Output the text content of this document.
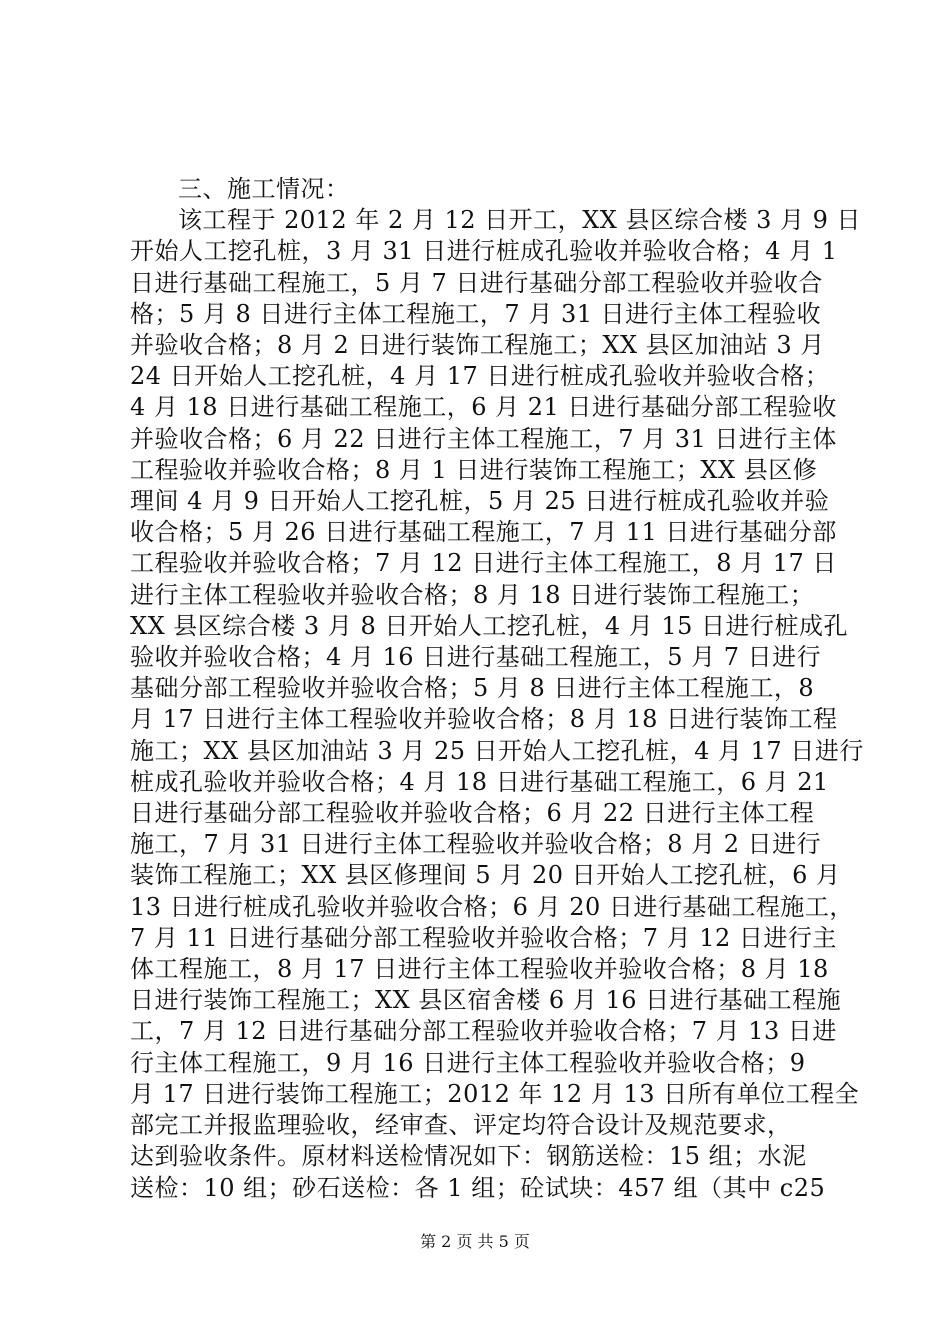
三、施工情况：

该工程于 2012 年 2 月 12 日开工，XX 县区综合楼 3 月 9 日

开始人工挖孔桩，3 月 31 日进行桩成孔验收并验收合格；4 月 1

日进行基础工程施工，5 月 7 日进行基础分部工程验收并验收合

格；5 月 8 日进行主体工程施工，7 月 31 日进行主体工程验收

并验收合格；8 月 2 日进行装饰工程施工；XX 县区加油站 3 月

24 日开始人工挖孔桩，4 月 17 日进行桩成孔验收并验收合格；

4 月 18 日进行基础工程施工，6 月 21 日进行基础分部工程验收

并验收合格；6 月 22 日进行主体工程施工，7 月 31 日进行主体

工程验收并验收合格；8 月 1 日进行装饰工程施工；XX 县区修

理间 4 月 9 日开始人工挖孔桩，5 月 25 日进行桩成孔验收并验

收合格；5 月 26 日进行基础工程施工，7 月 11 日进行基础分部

工程验收并验收合格；7 月 12 日进行主体工程施工，8 月 17 日

进行主体工程验收并验收合格；8 月 18 日进行装饰工程施工；

XX 县区综合楼 3 月 8 日开始人工挖孔桩，4 月 15 日进行桩成孔

验收并验收合格；4 月 16 日进行基础工程施工，5 月 7 日进行

基础分部工程验收并验收合格；5 月 8 日进行主体工程施工，8

月 17 日进行主体工程验收并验收合格；8 月 18 日进行装饰工程

施工；XX 县区加油站 3 月 25 日开始人工挖孔桩，4 月 17 日进行

桩成孔验收并验收合格；4 月 18 日进行基础工程施工，6 月 21

日进行基础分部工程验收并验收合格；6 月 22 日进行主体工程

施工，7 月 31 日进行主体工程验收并验收合格；8 月 2 日进行

装饰工程施工；XX 县区修理间 5 月 20 日开始人工挖孔桩，6 月

13 日进行桩成孔验收并验收合格；6 月 20 日进行基础工程施工，

7 月 11 日进行基础分部工程验收并验收合格；7 月 12 日进行主

体工程施工，8 月 17 日进行主体工程验收并验收合格；8 月 18

日进行装饰工程施工；XX 县区宿舍楼 6 月 16 日进行基础工程施

工，7 月 12 日进行基础分部工程验收并验收合格；7 月 13 日进

行主体工程施工，9 月 16 日进行主体工程验收并验收合格；9

月 17 日进行装饰工程施工；2012 年 12 月 13 日所有单位工程全

部完工并报监理验收，经审查、评定均符合设计及规范要求，

达到验收条件。原材料送检情况如下：钢筋送检：15 组；水泥

送检：10 组；砂石送检：各 1 组；砼试块：457 组（其中 c25

第 2 页 共 5 页
